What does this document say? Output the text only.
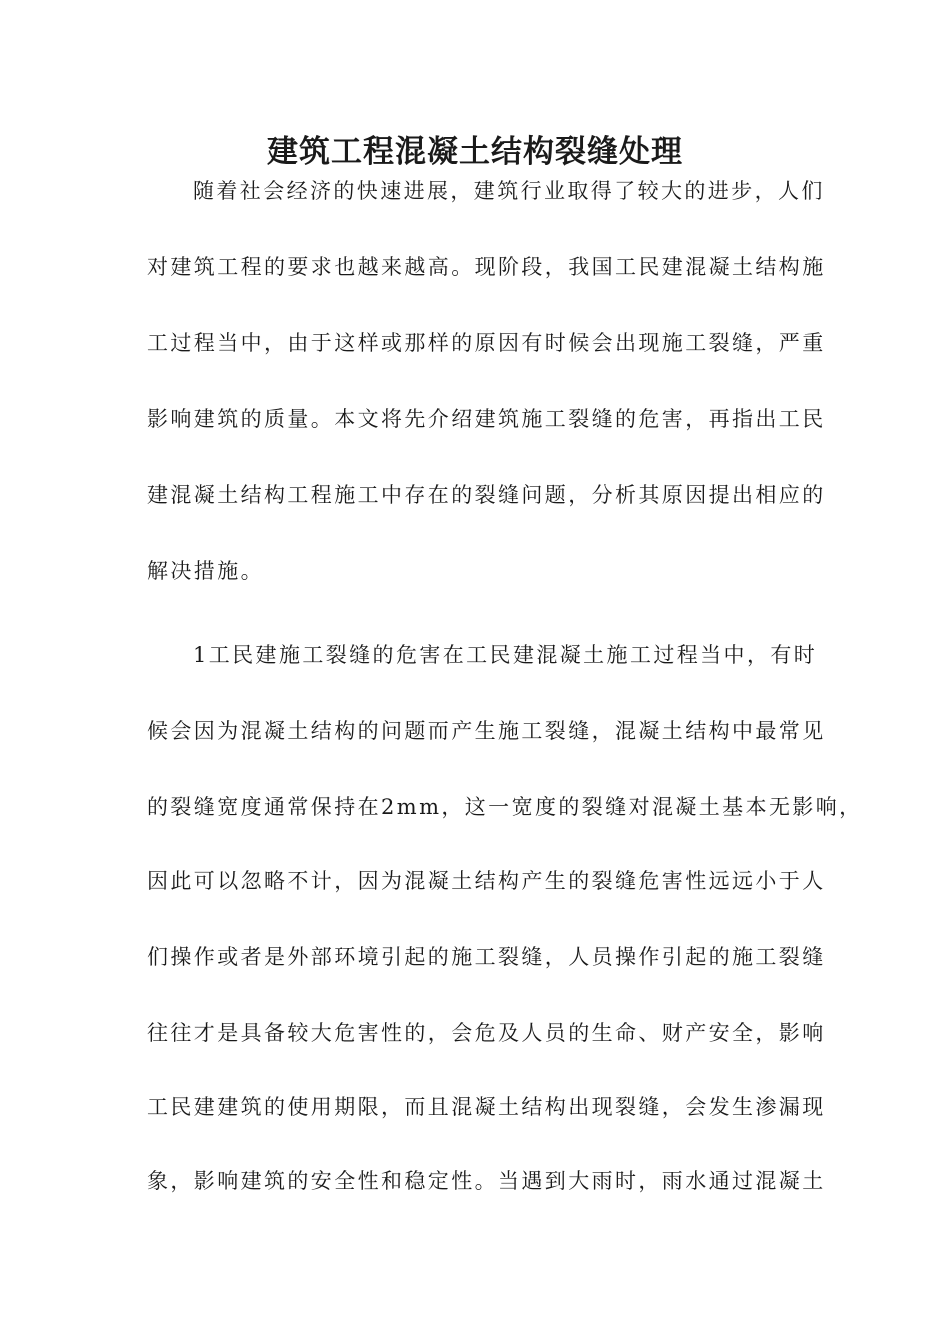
建筑工程混凝土结构裂缝处理

随着社会经济的快速进展，建筑行业取得了较大的进步，人们

对建筑工程的要求也越来越高。现阶段，我国工民建混凝土结构施

工过程当中，由于这样或那样的原因有时候会出现施工裂缝，严重

影响建筑的质量。本文将先介绍建筑施工裂缝的危害，再指出工民

建混凝土结构工程施工中存在的裂缝问题，分析其原因提出相应的

解决措施。

1工民建施工裂缝的危害在工民建混凝土施工过程当中，有时

候会因为混凝土结构的问题而产生施工裂缝，混凝土结构中最常见

的裂缝宽度通常保持在2mm，这一宽度的裂缝对混凝土基本无影响，

因此可以忽略不计，因为混凝土结构产生的裂缝危害性远远小于人

们操作或者是外部环境引起的施工裂缝，人员操作引起的施工裂缝

往往才是具备较大危害性的，会危及人员的生命、财产安全，影响

工民建建筑的使用期限，而且混凝土结构出现裂缝，会发生渗漏现

象，影响建筑的安全性和稳定性。当遇到大雨时，雨水通过混凝土
